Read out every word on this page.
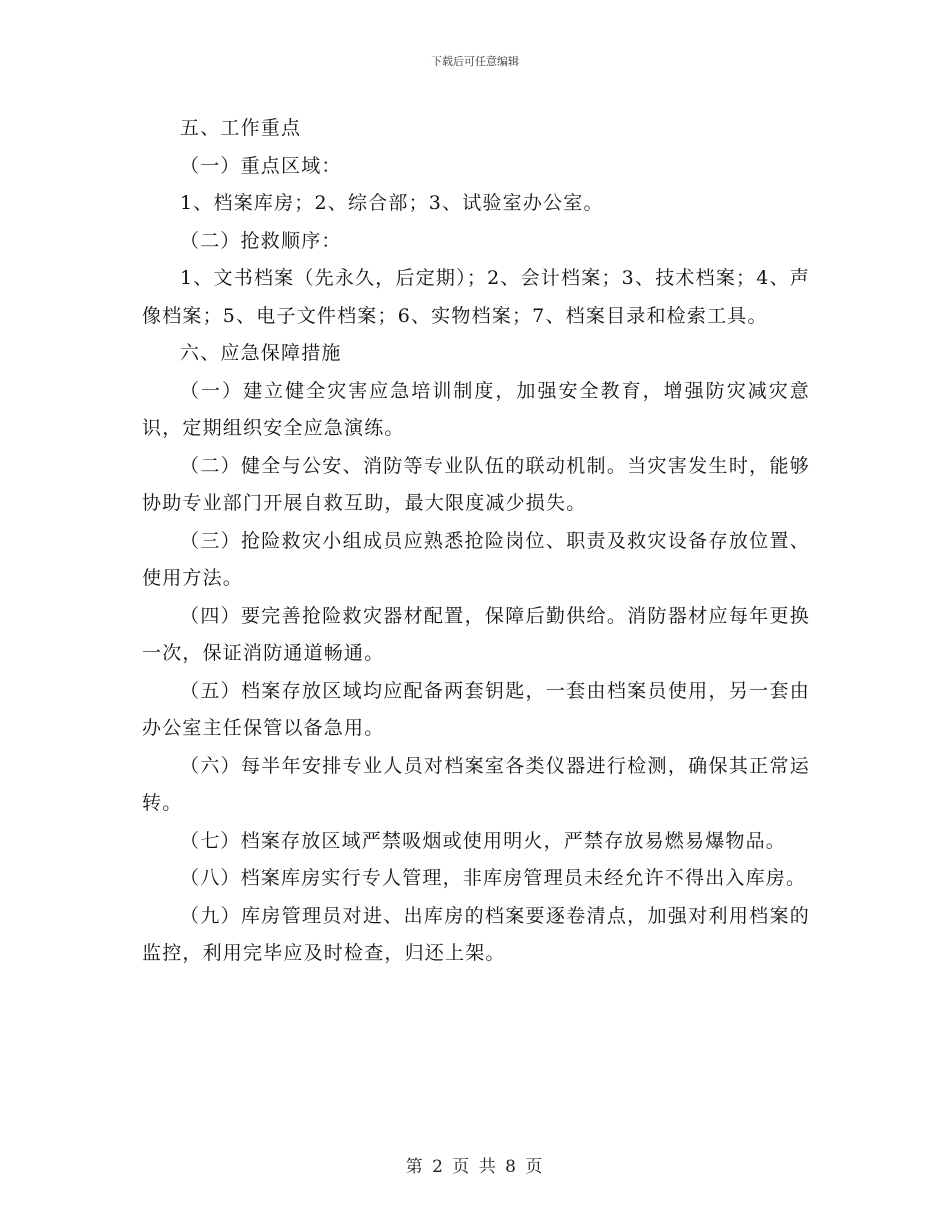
下载后可任意编辑

五、工作重点

（一）重点区域：

1、档案库房；2、综合部；3、试验室办公室。

（二）抢救顺序：

1、文书档案（先永久，后定期）；2、会计档案；3、技术档案；4、声像档案；5、电子文件档案；6、实物档案；7、档案目录和检索工具。

六、应急保障措施

（一）建立健全灾害应急培训制度，加强安全教育，增强防灾减灾意识，定期组织安全应急演练。

（二）健全与公安、消防等专业队伍的联动机制。当灾害发生时，能够协助专业部门开展自救互助，最大限度减少损失。

（三）抢险救灾小组成员应熟悉抢险岗位、职责及救灾设备存放位置、使用方法。

（四）要完善抢险救灾器材配置，保障后勤供给。消防器材应每年更换一次，保证消防通道畅通。

（五）档案存放区域均应配备两套钥匙，一套由档案员使用，另一套由办公室主任保管以备急用。

（六）每半年安排专业人员对档案室各类仪器进行检测，确保其正常运转。

（七）档案存放区域严禁吸烟或使用明火，严禁存放易燃易爆物品。

（八）档案库房实行专人管理，非库房管理员未经允许不得出入库房。

（九）库房管理员对进、出库房的档案要逐卷清点，加强对利用档案的监控，利用完毕应及时检查，归还上架。

第 2 页 共 8 页
